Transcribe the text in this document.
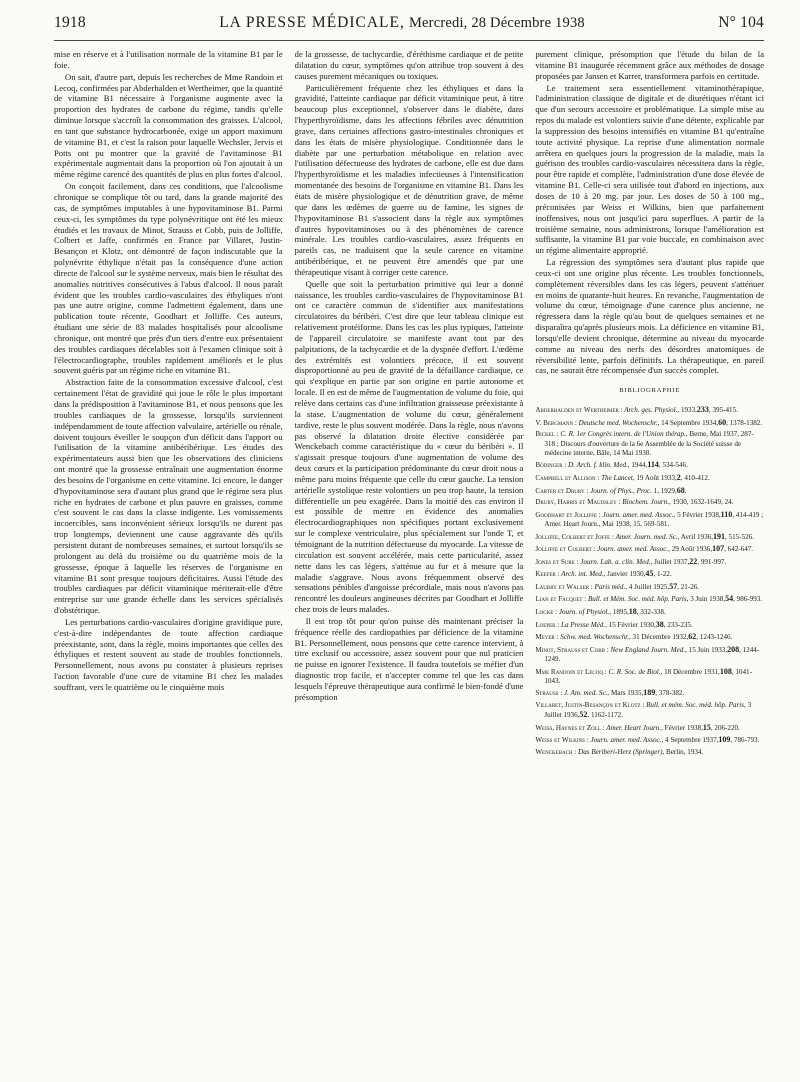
1918	LA PRESSE MÉDICALE, Mercredi, 28 Décembre 1938	N° 104

mise en réserve et à l'utilisation normale de la vitamine B1 par le foie.

On sait, d'autre part, depuis les recherches de Mme Randoin et Lecoq, confirmées par Abderhalden et Wertheimer, que la quantité de vitamine B1 nécessaire à l'organisme augmente avec la proportion des hydrates de carbone du régime, tandis qu'elle diminue lorsque s'accroît la consommation des graisses. L'alcool, en tant que substance hydrocarbonée, exige un apport maximum de vitamine B1, et c'est la raison pour laquelle Wechsler, Jervis et Potts ont pu montrer que la gravité de l'avitaminose B1 expérimentale augmentait dans la proportion où l'on ajoutait à un même régime carencé des quantités de plus en plus fortes d'alcool.

On conçoit facilement, dans ces conditions, que l'alcoolisme chronique se complique tôt ou tard, dans la grande majorité des cas, de symptômes imputables à une hypovitaminose B1. Parmi ceux-ci, les symptômes du type polynévritique ont été les mieux étudiés et les travaux de Minot, Strauss et Cobb, puis de Jolliffe, Colbert et Jaffe, confirmés en France par Villaret, Justin-Besançon et Klotz, ont démontré de façon indiscutable que la polynévrite éthylique n'était pas la conséquence d'une action directe de l'alcool sur le système nerveux, mais bien le résultat des anomalies nutritives consécutives à l'abus d'alcool. Il nous paraît évident que les troubles cardio-vasculaires des éthyliques n'ont pas une autre origine, comme l'admettent également, dans une publication toute récente, Goodhart et Jolliffe. Ces auteurs, étudiant une série de 83 malades hospitalisés pour alcoolisme chronique, ont montré que près d'un tiers d'entre eux présentaient des troubles cardiaques décelables soit à l'examen clinique soit à l'électrocardiographe, troubles rapidement améliorés et le plus souvent guéris par un régime riche en vitamine B1.

Abstraction faite de la consommation excessive d'alcool, c'est certainement l'état de gravidité qui joue le rôle le plus important dans la prédisposition à l'avitaminose B1, et nous pensons que les troubles cardiaques de la grossesse, lorsqu'ils surviennent indépendamment de toute affection valvulaire, artérielle ou rénale, doivent toujours éveiller le soupçon d'un déficit dans l'apport ou l'utilisation de la vitamine antibéribérique. Les études des expérimentateurs aussi bien que les observations des cliniciens ont montré que la grossesse entraînait une augmentation énorme des besoins de l'organisme en cette vitamine. Ici encore, le danger d'hypovitaminose sera d'autant plus grand que le régime sera plus riche en hydrates de carbone et plus pauvre en graisses, comme c'est souvent le cas dans la classe indigente. Les vomissements incoercibles, sans inconvénient sérieux lorsqu'ils ne durent pas trop longtemps, deviennent une cause aggravante dès qu'ils persistent durant de nombreuses semaines, et surtout lorsqu'ils se prolongent au delà du troisième ou du quatrième mois de la grossesse, époque à laquelle les réserves de l'organisme en vitamine B1 sont presque toujours déficitaires. Aussi l'étude des troubles cardiaques par déficit vitaminique mériterait-elle d'être entreprise sur une grande échelle dans les services spécialisés d'obstétrique.

Les perturbations cardio-vasculaires d'origine gravidique pure, c'est-à-dire indépendantes de toute affection cardiaque préexistante, sont, dans la règle, moins importantes que celles des éthyliques et restent souvent au stade de troubles fonctionnels. Personnellement, nous avons pu constater à plusieurs reprises l'action favorable d'une cure de vitamine B1 chez les malades souffrant, vers le quatrième ou le cinquième mois

de la grossesse, de tachycardie, d'éréthisme cardiaque et de petite dilatation du cœur, symptômes qu'on attribue trop souvent à des causes purement mécaniques ou toxiques.

Particulièrement fréquente chez les éthyliques et dans la gravidité, l'atteinte cardiaque par déficit vitaminique peut, à titre beaucoup plus exceptionnel, s'observer dans le diabète, dans l'hyperthyroïdisme, dans les affections fébriles avec dénutrition grave, dans certaines affections gastro-intestinales chroniques et dans les états de misère physiologique. Conditionnée dans le diabète par une perturbation métabolique en relation avec l'utilisation défectueuse des hydrates de carbone, elle est due dans l'hyperthyroïdisme et les maladies infectieuses à l'intensification momentanée des besoins de l'organisme en vitamine B1. Dans les états de misère physiologique et de dénutrition grave, de même que dans les œdèmes de guerre ou de famine, les signes de l'hypovitaminose B1 s'associent dans la règle aux symptômes d'autres hypovitaminoses ou à des phénomènes de carence minérale. Les troubles cardio-vasculaires, assez fréquents en pareils cas, ne traduisent que la seule carence en vitamine antibéribérique, et ne peuvent être amendés que par une thérapeutique visant à corriger cette carence.

Quelle que soit la perturbation primitive qui leur a donné naissance, les troubles cardio-vasculaires de l'hypovitaminose B1 ont ce caractère commun de s'identifier aux manifestations circulatoires du béribéri. C'est dire que leur tableau clinique est relativement protéiforme. Dans les cas les plus typiques, l'atteinte de l'appareil circulatoire se manifeste avant tout par des palpitations, de la tachycardie et de la dyspnée d'effort. L'œdème des extrémités est volontiers précoce, il est souvent disproportionné au peu de gravité de la défaillance cardiaque, ce qui s'explique en partie par son origine en partie autonome et locale. Il en est de même de l'augmentation de volume du foie, qui relève dans certains cas d'une infiltration graisseuse préexistante à la stase. L'augmentation de volume du cœur, généralement tardive, reste le plus souvent modérée. Dans la règle, nous n'avons pas observé la dilatation droite élective considérée par Wenckebach comme caractéristique du « cœur du béribéri ». Il s'agissait presque toujours d'une augmentation de volume des deux cœurs et la participation prédominante du cœur droit nous a même paru moins fréquente que celle du cœur gauche. La tension artérielle systolique reste volontiers un peu trop haute, la tension différentielle un peu exagérée. Dans la moitié des cas environ il est possible de mettre en évidence des anomalies électrocardiographiques non spécifiques portant exclusivement sur le complexe ventriculaire, plus spécialement sur l'onde T, et témoignant de la nutrition défectueuse du myocarde. La vitesse de circulation est souvent accélérée, mais cette particularité, assez nette dans les cas légers, s'atténue au fur et à mesure que la maladie s'aggrave. Nous avons fréquemment observé des sensations pénibles d'angoisse précordiale, mais nous n'avons pas rencontré les douleurs angineuses décrites par Goodhart et Jolliffe chez trois de leurs malades.

Il est trop tôt pour qu'on puisse dès maintenant préciser la fréquence réelle des cardiopathies par déficience de la vitamine B1. Personnellement, nous pensons que cette carence intervient, à titre exclusif ou accessoire, assez souvent pour que nul praticien ne puisse en ignorer l'existence. Il faudra toutefois se méfier d'un diagnostic trop facile, et n'accepter comme tel que les cas dans lesquels l'épreuve thérapeutique aura confirmé le bien-fondé d'une présomption

purement clinique, présomption que l'étude du bilan de la vitamine B1 inaugurée récemment grâce aux méthodes de dosage proposées par Jansen et Karrer, transformera parfois en certitude.

Le traitement sera essentiellement vitaminothérapique, l'administration classique de digitale et de diurétiques n'étant ici que d'un secours accessoire et problématique. La simple mise au repos du malade est volontiers suivie d'une détente, explicable par la suppression des besoins intensifiés en vitamine B1 qu'entraîne toute activité physique. La reprise d'une alimentation normale arrêtera en quelques jours la progression de la maladie, mais la guérison des troubles cardio-vasculaires nécessitera dans la règle, pour être rapide et complète, l'administration d'une dose élevée de vitamine B1. Celle-ci sera utilisée tout d'abord en injections, aux doses de 10 à 20 mg. par jour. Les doses de 50 à 100 mg., préconisées par Weiss et Wilkins, bien que parfaitement inoffensives, nous ont jusqu'ici paru superflues. A partir de la troisième semaine, nous administrons, lorsque l'amélioration est suffisante, la vitamine B1 par voie buccale, en combinaison avec un régime alimentaire approprié.

La régression des symptômes sera d'autant plus rapide que ceux-ci ont une origine plus récente. Les troubles fonctionnels, complètement réversibles dans les cas légers, peuvent s'atténuer en moins de quarante-huit heures. En revanche, l'augmentation de volume du cœur, témoignage d'une carence plus ancienne, ne régressera dans la règle qu'au bout de quelques semaines et ne disparaîtra qu'après plusieurs mois. La déficience en vitamine B1, lorsqu'elle devient chronique, détermine au niveau du myocarde comme au niveau des nerfs des désordres anatomiques de réversibilité lente, parfois définitifs. La thérapeutique, en pareil cas, ne saurait être récompensée d'un succès complet.

BIBLIOGRAPHIE
Abderhalden et Wertheimer : Arch. ges. Physiol., 1933,233, 395-415.
V. Bergmann : Deutsche med. Wochenschr., 14 Septembre 1934,60, 1378-1382.
Bickel : C. R. 1er Congrès intern. de l'Union thérap., Berne, Mai 1937, 287-318 ; Discours d'ouverture de la 6e Assemblée de la Société suisse de médecine interne, Bâle, 14 Mai 1938.
Bödinger : D. Arch. f. klin. Med., 1944,114, 534-546.
Campbell et Allison : The Lancet, 19 Août 1933,2, 410-412.
Carter et Drury : Journ. of Phys., Proc. 1, 1929,68.
Drury, Harris et Maudsley : Biochem. Journ., 1930, 1632-1649, 24.
Goodhart et Jolliffe : Journ. amer. med. Assoc., 5 Février 1938,110, 414-419 ; Amer. Heart Journ., Mai 1938, 15, 569-581.
Jolliffe, Colbert et Joffe : Amer. Journ. med. Sc., Avril 1936,191, 515-526.
Jolliffe et Colbert : Journ. amer. med. Assoc., 29 Août 1936,107, 642-647.
Jones et Sure : Journ. Lab. a. clin. Med., Juillet 1937,22, 991-997.
Keefer : Arch. int. Med., Janvier 1930,45, 1-22.
Laubry et Walser : Paris méd., 4 Juillet 1925,57, 21-26.
Lian et Facquet : Bull. et Mém. Soc. méd. hôp. Paris, 3 Juin 1938,54, 986-993.
Locke : Journ. of Physiol., 1895,18, 332-338.
Loeper : La Presse Méd., 15 Février 1930,38, 233-235.
Meyer : Schw. med. Wochenschr., 31 Décembre 1932,62, 1243-1246.
Minot, Strauss et Cobb : New England Journ. Med., 15 Juin 1933,208, 1244-1249.
Mme Randoin et Lecoq : C. R. Soc. de Biol., 18 Décembre 1931,108, 1041-1043.
Strauss : J. Am. med. Sc., Mars 1935,189, 378-382.
Villaret, Justin-Besançon et Klotz : Bull. et mém. Soc. méd. hôp. Paris, 3 Juillet 1936,52, 1162-1172.
Weiss, Haynes et Zoll : Amer. Heart Journ., Février 1938,15, 206-220.
Weiss et Wilkins : Journ. amer. med. Assoc., 4 Septembre 1937,109, 786-793.
Wenckebach : Das Beriberi-Herz (Springer), Berlin, 1934.
